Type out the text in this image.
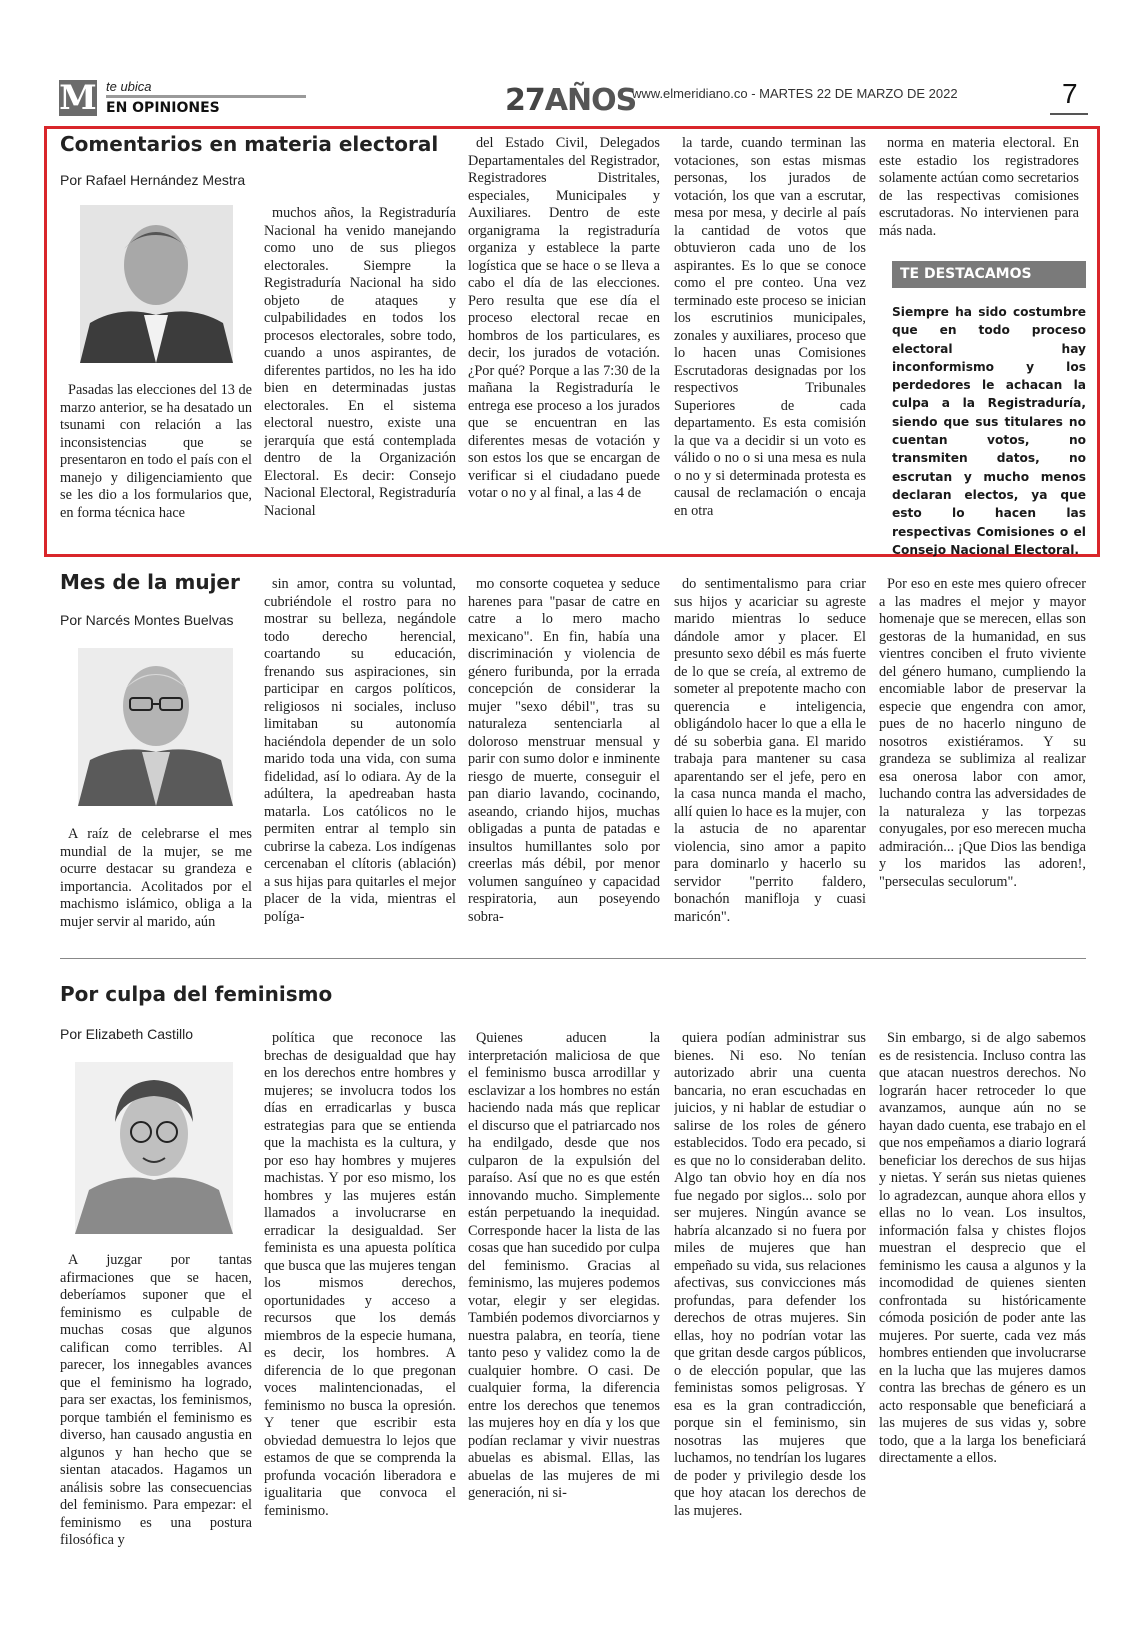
M te ubica
EN OPINIONES	27AÑOS
www.elmeridiano.co - MARTES 22 DE MARZO DE 2022	7
Comentarios en materia electoral
Por Rafael Hernández Mestra

Pasadas las elecciones del 13 de marzo anterior, se ha desatado un tsunami con relación a las inconsistencias que se presentaron en todo el país con el manejo y diligenciamiento que se les dio a los formularios que, en forma técnica hace

muchos años, la Registraduría Nacional ha venido manejando como uno de sus pliegos electorales. Siempre la Registraduría Nacional ha sido objeto de ataques y culpabilidades en todos los procesos electorales, sobre todo, cuando a unos aspirantes, de diferentes partidos, no les ha ido bien en determinadas justas electorales. En el sistema electoral nuestro, existe una jerarquía que está contemplada dentro de la Organización Electoral. Es decir: Consejo Nacional Electoral, Registraduría Nacional

del Estado Civil, Delegados Departamentales del Registrador, Registradores Distritales, especiales, Municipales y Auxiliares. Dentro de este organigrama la registraduría organiza y establece la parte logística que se hace o se lleva a cabo el día de las elecciones. Pero resulta que ese día el proceso electoral recae en hombros de los particulares, es decir, los jurados de votación. ¿Por qué? Porque a las 7:30 de la mañana la Registraduría le entrega ese proceso a los jurados que se encuentran en las diferentes mesas de votación y son estos los que se encargan de verificar si el ciudadano puede votar o no y al final, a las 4 de

la tarde, cuando terminan las votaciones, son estas mismas personas, los jurados de votación, los que van a escrutar, mesa por mesa, y decirle al país la cantidad de votos que obtuvieron cada uno de los aspirantes. Es lo que se conoce como el pre conteo. Una vez terminado este proceso se inician los escrutinios municipales, zonales y auxiliares, proceso que lo hacen unas Comisiones Escrutadoras designadas por los respectivos Tribunales Superiores de cada departamento. Es esta comisión la que va a decidir si un voto es válido o no o si una mesa es nula o no y si determinada protesta es causal de reclamación o encaja en otra

norma en materia electoral. En este estadio los registradores solamente actúan como secretarios de las respectivas comisiones escrutadoras. No intervienen para más nada.

TE DESTACAMOS
Siempre ha sido costumbre que en todo proceso electoral hay inconformismo y los perdedores le achacan la culpa a la Registraduría, siendo que sus titulares no cuentan votos, no transmiten datos, no escrutan y mucho menos declaran electos, ya que esto lo hacen las respectivas Comisiones o el Consejo Nacional Electoral.
Mes de la mujer
Por Narcés Montes Buelvas

A raíz de celebrarse el mes mundial de la mujer, se me ocurre destacar su grandeza e importancia. Acolitados por el machismo islámico, obliga a la mujer servir al marido, aún

sin amor, contra su voluntad, cubriéndole el rostro para no mostrar su belleza, negándole todo derecho herencial, coartando su educación, frenando sus aspiraciones, sin participar en cargos políticos, religiosos ni sociales, incluso limitaban su autonomía haciéndola depender de un solo marido toda una vida, con suma fidelidad, así lo odiara. Ay de la adúltera, la apedreaban hasta matarla. Los católicos no le permiten entrar al templo sin cubrirse la cabeza. Los indígenas cercenaban el clítoris (ablación) a sus hijas para quitarles el mejor placer de la vida, mientras el políga-

mo consorte coqueteа y seduce harenes para "pasar de catre en catre a lo mero macho mexicano". En fin, había una discriminación y violencia de género furibunda, por la errada concepción de considerar la mujer "sexo débil", tras su naturaleza sentenciarla al doloroso menstruar mensual y parir con sumo dolor e inminente riesgo de muerte, conseguir el pan diario lavando, cocinando, aseando, criando hijos, muchas obligadas a punta de patadas e insultos humillantes solo por creerlas más débil, por menor volumen sanguíneo y capacidad respiratoria, aun poseyendo sobra-

do sentimentalismo para criar sus hijos y acariciar su agreste marido mientras lo seduce dándole amor y placer. El presunto sexo débil es más fuerte de lo que se creía, al extremo de someter al prepotente macho con querencia e inteligencia, obligándolo hacer lo que a ella le dé su soberbia gana. El marido trabaja para mantener su casa aparentando ser el jefe, pero en la casa nunca manda el macho, allí quien lo hace es la mujer, con la astucia de no aparentar violencia, sino amor a papito para dominarlo y hacerlo su servidor "perrito faldero, bonachón manifloja y cuasi maricón".

Por eso en este mes quiero ofrecer a las madres el mejor y mayor homenaje que se merecen, ellas son gestoras de la humanidad, en sus vientres conciben el fruto viviente del género humano, cumpliendo la encomiable labor de preservar la especie que engendra con amor, pues de no hacerlo ninguno de nosotros existiéramos. Y su grandeza se sublimiza al realizar esa onerosa labor con amor, luchando contra las adversidades de la naturaleza y las torpezas conyugales, por eso merecen mucha admiración... ¡Que Dios las bendiga y los maridos las adoren!, "perseculas seculorum".

Por culpa del feminismo
Por Elizabeth Castillo

A juzgar por tantas afirmaciones que se hacen, deberíamos suponer que el feminismo es culpable de muchas cosas que algunos califican como terribles. Al parecer, los innegables avances que el feminismo ha logrado, para ser exactas, los feminismos, porque también el feminismo es diverso, han causado angustia en algunos y han hecho que se sientan atacados. Hagamos un análisis sobre las consecuencias del feminismo. Para empezar: el feminismo es una postura filosófica y

política que reconoce las brechas de desigualdad que hay en los derechos entre hombres y mujeres; se involucra todos los días en erradicarlas y busca estrategias para que se entienda que la machista es la cultura, y por eso hay hombres y mujeres machistas. Y por eso mismo, los hombres y las mujeres están llamados a involucrarse en erradicar la desigualdad. Ser feminista es una apuesta política que busca que las mujeres tengan los mismos derechos, oportunidades y acceso a recursos que los demás miembros de la especie humana, es decir, los hombres. A diferencia de lo que pregonan voces malintencionadas, el feminismo no busca la opresión. Y tener que escribir esta obviedad demuestra lo lejos que estamos de que se comprenda la profunda vocación liberadora e igualitaria que convoca el feminismo.

Quienes aducen la interpretación maliciosa de que el feminismo busca arrodillar y esclavizar a los hombres no están haciendo nada más que replicar el discurso que el patriarcado nos ha endilgado, desde que nos culparon de la expulsión del paraíso. Así que no es que estén innovando mucho. Simplemente están perpetuando la inequidad. Corresponde hacer la lista de las cosas que han sucedido por culpa del feminismo. Gracias al feminismo, las mujeres podemos votar, elegir y ser elegidas. También podemos divorciarnos y nuestra palabra, en teoría, tiene tanto peso y validez como la de cualquier hombre. O casi. De cualquier forma, la diferencia entre los derechos que tenemos las mujeres hoy en día y los que podían reclamar y vivir nuestras abuelas es abismal. Ellas, las abuelas de las mujeres de mi generación, ni si-

quiera podían administrar sus bienes. Ni eso. No tenían autorizado abrir una cuenta bancaria, no eran escuchadas en juicios, y ni hablar de estudiar o salirse de los roles de género establecidos. Todo era pecado, si es que no lo consideraban delito. Algo tan obvio hoy en día nos fue negado por siglos... solo por ser mujeres. Ningún avance se habría alcanzado si no fuera por miles de mujeres que han empeñado su vida, sus relaciones afectivas, sus convicciones más profundas, para defender los derechos de otras mujeres. Sin ellas, hoy no podrían votar las que gritan desde cargos públicos, o de elección popular, que las feministas somos peligrosas. Y esa es la gran contradicción, porque sin el feminismo, sin nosotras las mujeres que luchamos, no tendrían los lugares de poder y privilegio desde los que hoy atacan los derechos de las mujeres.

Sin embargo, si de algo sabemos es de resistencia. Incluso contra las que atacan nuestros derechos. No lograrán hacer retroceder lo que avanzamos, aunque aún no se hayan dado cuenta, ese trabajo en el que nos empeñamos a diario logrará beneficiar los derechos de sus hijas y nietas. Y serán sus nietas quienes lo agradezcan, aunque ahora ellos y ellas no lo vean. Los insultos, información falsa y chistes flojos muestran el desprecio que el feminismo les causa a algunos y la incomodidad de quienes sienten confrontada su históricamente cómoda posición de poder ante las mujeres. Por suerte, cada vez más hombres entienden que involucrarse en la lucha que las mujeres damos contra las brechas de género es un acto responsable que beneficiará a las mujeres de sus vidas y, sobre todo, que a la larga los beneficiará directamente a ellos.
